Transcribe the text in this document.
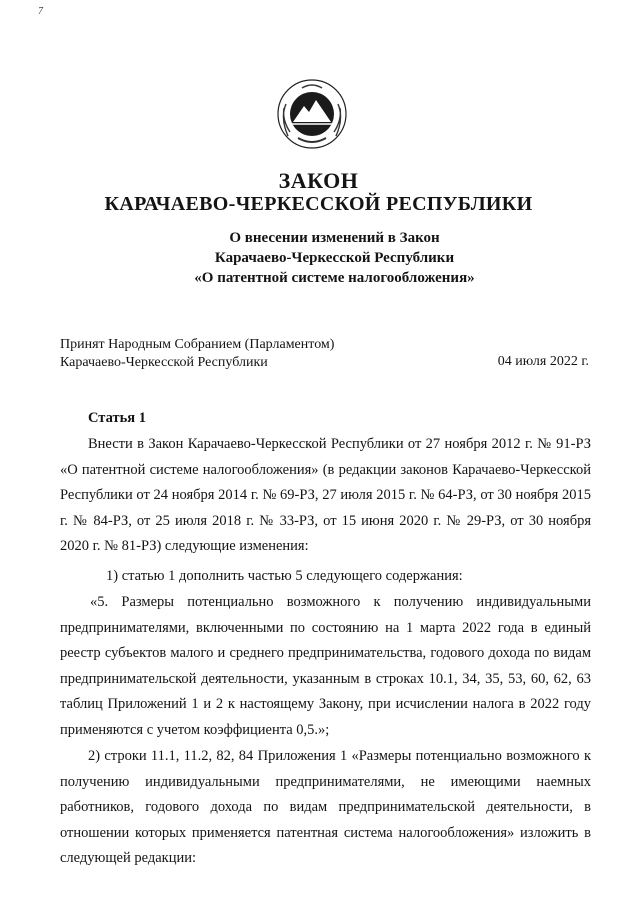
7
ЗАКОН
КАРАЧАЕВО-ЧЕРКЕССКОЙ РЕСПУБЛИКИ

О внесении изменений в Закон

Карачаево-Черкесской Республики

«О патентной системе налогообложения»

Принят Народным Собранием (Парламентом)
Карачаево-Черкесской Республики	04 июля 2022 г.
Статья 1
Внести в Закон Карачаево-Черкесской Республики от 27 ноября 2012 г. № 91-РЗ «О патентной системе налогообложения» (в редакции законов Карачаево-Черкесской Республики от 24 ноября 2014 г. № 69-РЗ, 27 июля 2015 г. № 64-РЗ, от 30 ноября 2015 г. № 84-РЗ, от 25 июля 2018 г. № 33-РЗ, от 15 июня 2020 г. № 29-РЗ, от 30 ноября 2020 г. № 81-РЗ) следующие изменения:
1) статью 1 дополнить частью 5 следующего содержания:
«5. Размеры потенциально возможного к получению индивидуальными предпринимателями, включенными по состоянию на 1 марта 2022 года в единый реестр субъектов малого и среднего предпринимательства, годового дохода по видам предпринимательской деятельности, указанным в строках 10.1, 34, 35, 53, 60, 62, 63 таблиц Приложений 1 и 2 к настоящему Закону, при исчислении налога в 2022 году применяются с учетом коэффициента 0,5.»;
2) строки 11.1, 11.2, 82, 84 Приложения 1 «Размеры потенциально возможного к получению индивидуальными предпринимателями, не имеющими наемных работников, годового дохода по видам предпринимательской деятельности, в отношении которых применяется патентная система налогообложения» изложить в следующей редакции:
